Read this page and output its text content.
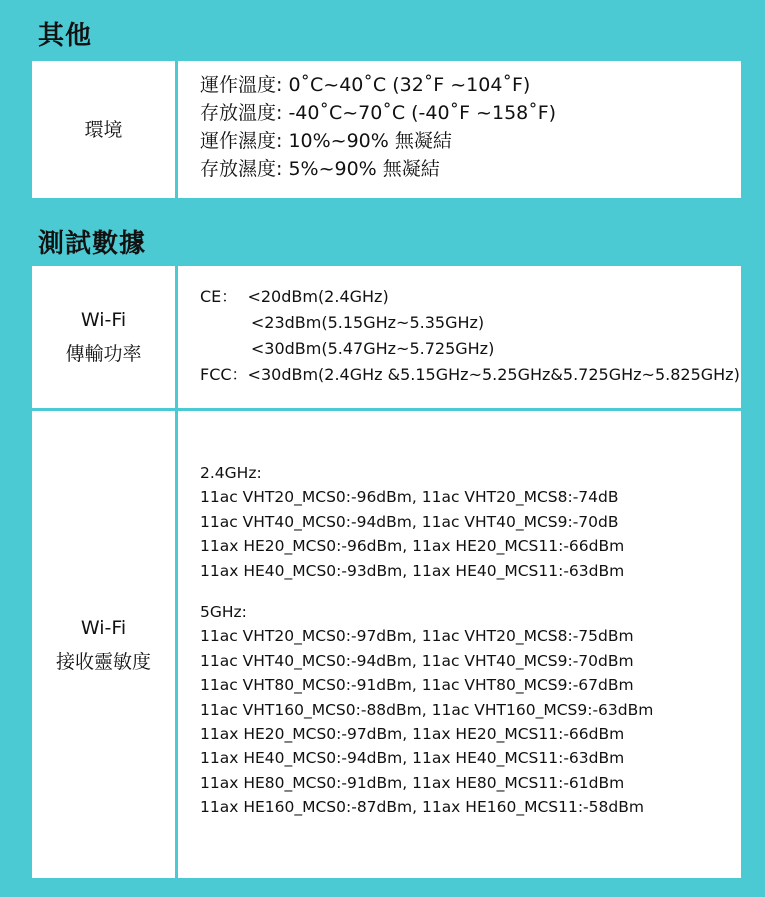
其他
環境
運作溫度: 0˚C~40˚C (32˚F ~104˚F)
存放溫度: -40˚C~70˚C (-40˚F ~158˚F)
運作濕度: 10%~90% 無凝結
存放濕度: 5%~90% 無凝結
測試數據
Wi-Fi
傳輸功率
CE：  <20dBm(2.4GHz)
<23dBm(5.15GHz~5.35GHz)
<30dBm(5.47GHz~5.725GHz)
FCC：<30dBm(2.4GHz &5.15GHz~5.25GHz&5.725GHz~5.825GHz)
Wi-Fi
接收靈敏度
2.4GHz:
11ac VHT20_MCS0:-96dBm, 11ac VHT20_MCS8:-74dB
11ac VHT40_MCS0:-94dBm, 11ac VHT40_MCS9:-70dB
11ax HE20_MCS0:-96dBm, 11ax HE20_MCS11:-66dBm
11ax HE40_MCS0:-93dBm, 11ax HE40_MCS11:-63dBm
5GHz:
11ac VHT20_MCS0:-97dBm, 11ac VHT20_MCS8:-75dBm
11ac VHT40_MCS0:-94dBm, 11ac VHT40_MCS9:-70dBm
11ac VHT80_MCS0:-91dBm, 11ac VHT80_MCS9:-67dBm
11ac VHT160_MCS0:-88dBm, 11ac VHT160_MCS9:-63dBm
11ax HE20_MCS0:-97dBm, 11ax HE20_MCS11:-66dBm
11ax HE40_MCS0:-94dBm, 11ax HE40_MCS11:-63dBm
11ax HE80_MCS0:-91dBm, 11ax HE80_MCS11:-61dBm
11ax HE160_MCS0:-87dBm, 11ax HE160_MCS11:-58dBm
